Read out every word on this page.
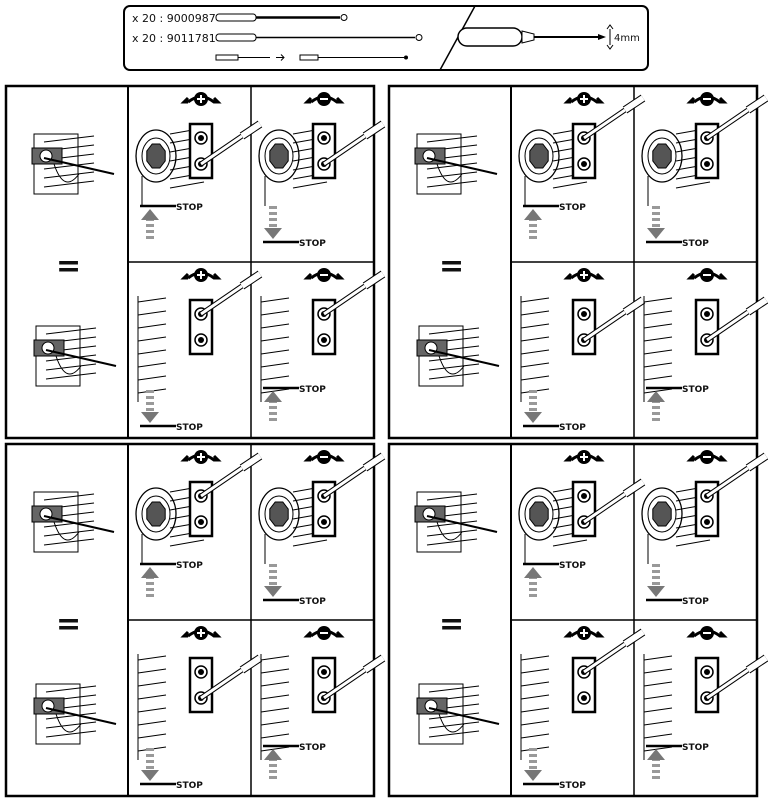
x 20 : 9000987
x 20 : 9011781	4mm
=
STOP
STOP
STOP
STOP
=
STOP
STOP
STOP
STOP
=
STOP
STOP
STOP
STOP
=
STOP
STOP
STOP
STOP
